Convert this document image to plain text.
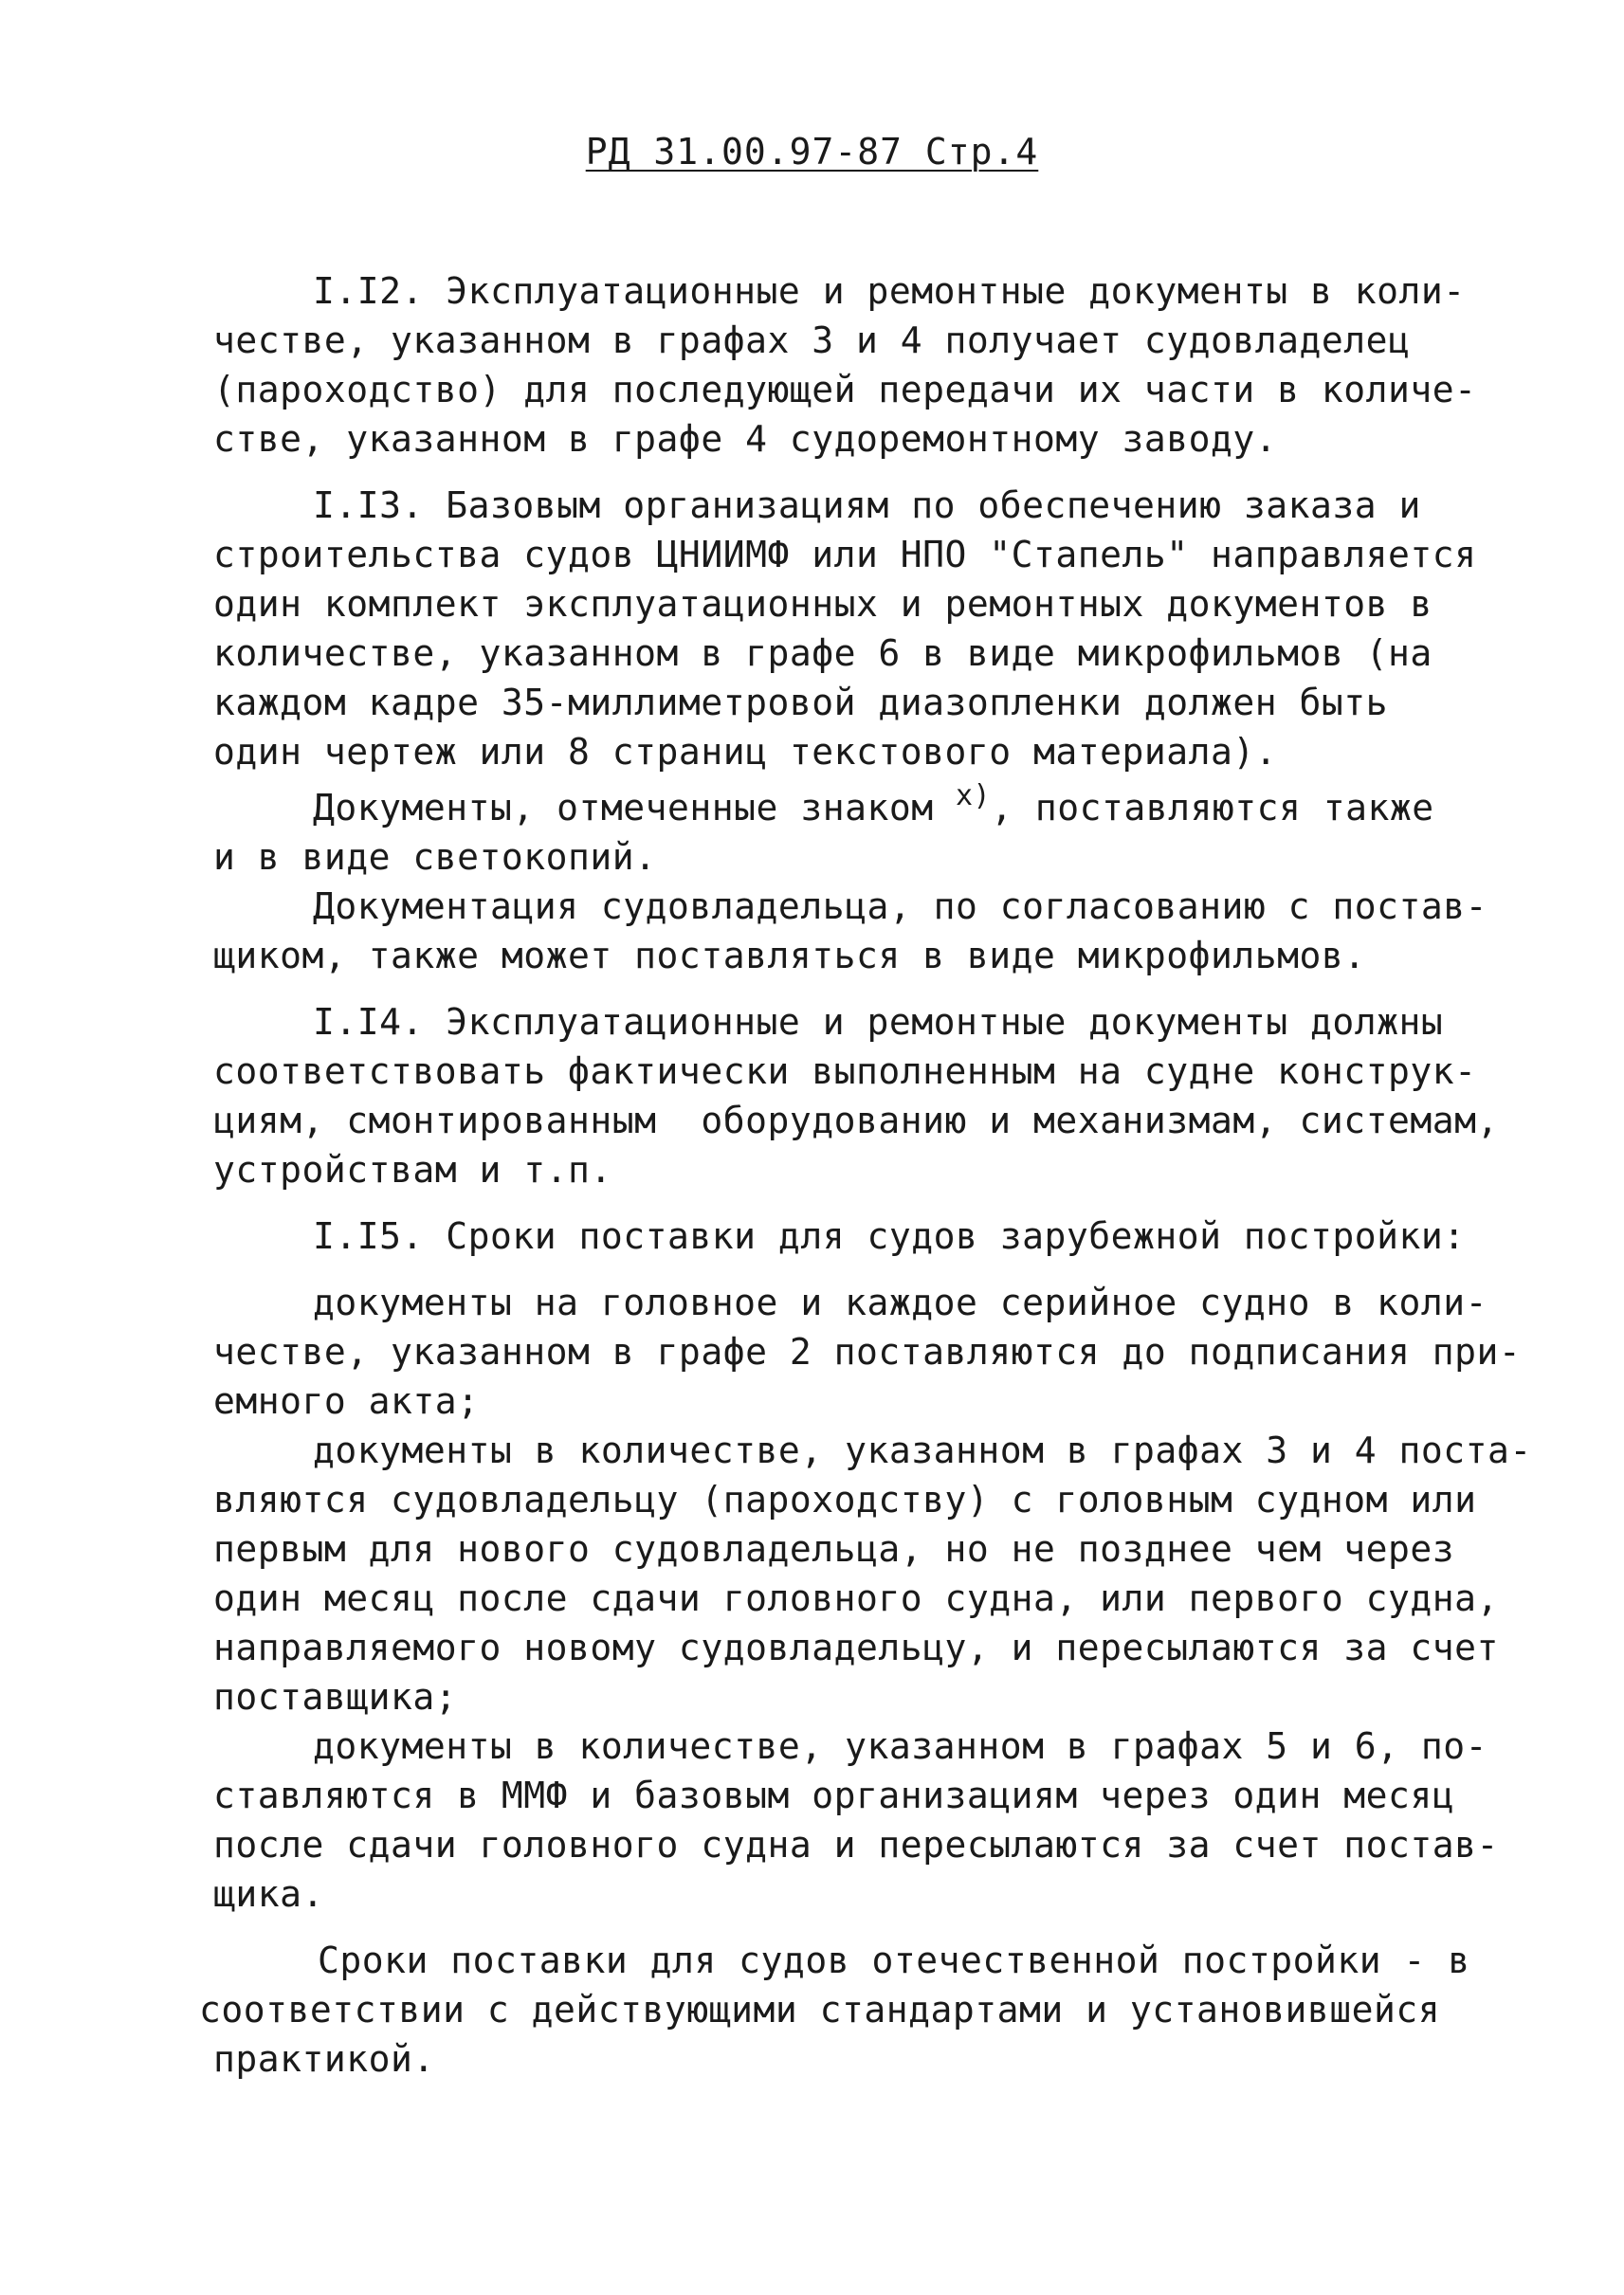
РД 31.00.97-87 Стр.4
I.I2. Эксплуатационные и ремонтные документы в коли-
честве, указанном в графах 3 и 4 получает судовладелец
(пароходство) для последующей передачи их части в количе-
стве, указанном в графе 4 судоремонтному заводу.
I.I3. Базовым организациям по обеспечению заказа и
строительства судов ЦНИИМФ или НПО "Стапель" направляется
один комплект эксплуатационных и ремонтных документов в
количестве, указанном в графе 6 в виде микрофильмов (на
каждом кадре 35-миллиметровой диазопленки должен быть
один чертеж или 8 страниц текстового материала).
Документы, отмеченные знаком $^{x)}$, поставляются также
и в виде светокопий.
Документация судовладельца, по согласованию с постав-
щиком, также может поставляться в виде микрофильмов.
I.I4. Эксплуатационные и ремонтные документы должны
соответствовать фактически выполненным на судне конструк-
циям, смонтированным  оборудованию и механизмам, системам,
устройствам и т.п.
I.I5. Сроки поставки для судов зарубежной постройки:
документы на головное и каждое серийное судно в коли-
честве, указанном в графе 2 поставляются до подписания при-
емного акта;
документы в количестве, указанном в графах 3 и 4 поста-
вляются судовладельцу (пароходству) с головным судном или
первым для нового судовладельца, но не позднее чем через
один месяц после сдачи головного судна, или первого судна,
направляемого новому судовладельцу, и пересылаются за счет
поставщика;
документы в количестве, указанном в графах 5 и 6, по-
ставляются в ММФ и базовым организациям через один месяц
после сдачи головного судна и пересылаются за счет постав-
щика.
Сроки поставки для судов отечественной постройки - в
соответствии с действующими стандартами и установившейся
практикой.
